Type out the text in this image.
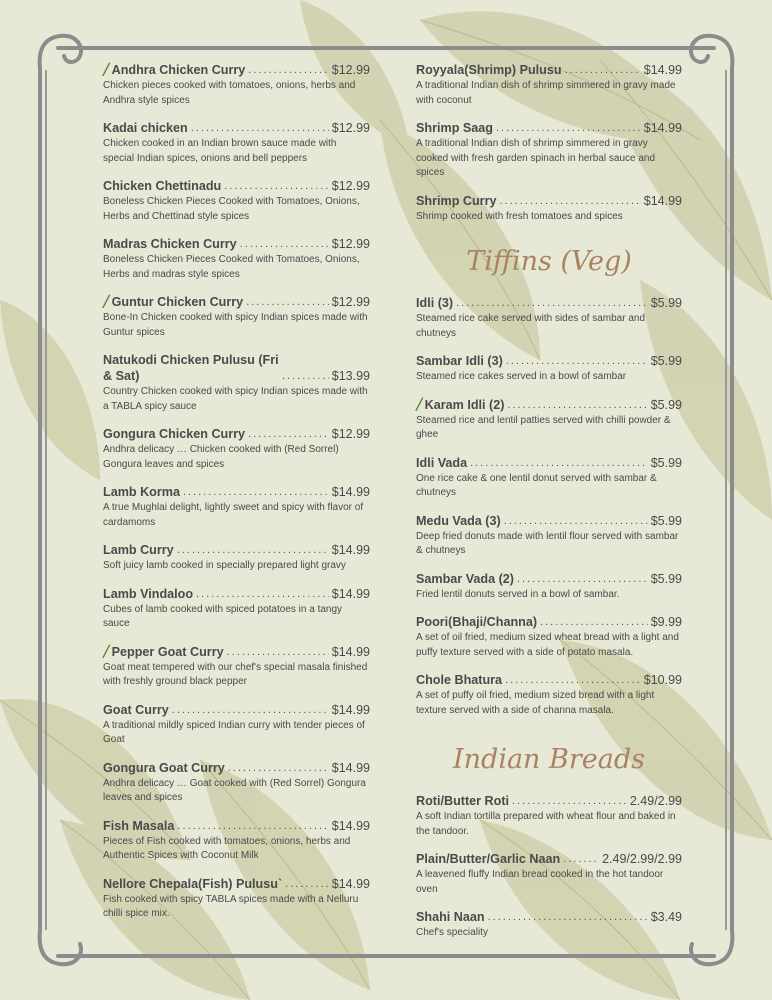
╱ Andhra Chicken Curry .....	$12.99
Chicken pieces cooked with tomatoes, onions, herbs and Andhra style spices
Kadai chicken .....	$12.99
Chicken cooked in an Indian brown sauce made with special Indian spices, onions and bell peppers
Chicken Chettinadu .....	$12.99
Boneless Chicken Pieces Cooked with Tomatoes, Onions, Herbs and Chettinad style spices
Madras Chicken Curry .....	$12.99
Boneless Chicken Pieces Cooked with Tomatoes, Onions, Herbs and madras style spices
╱ Guntur Chicken Curry .....	$12.99
Bone-In Chicken cooked with spicy Indian spices made with Guntur spices
Natukodi Chicken Pulusu (Fri & Sat) .....	$13.99
Country Chicken cooked with spicy Indian spices made with a TABLA spicy sauce
Gongura Chicken Curry .....	$12.99
Andhra delicacy … Chicken cooked with (Red Sorrel) Gongura leaves and spices
Lamb Korma .....	$14.99
A true Mughlai delight, lightly sweet and spicy with flavor of cardamoms
Lamb Curry .....	$14.99
Soft juicy lamb cooked in specially prepared light gravy
Lamb Vindaloo .....	$14.99
Cubes of lamb cooked with spiced potatoes in a tangy sauce
╱ Pepper Goat Curry .....	$14.99
Goat meat tempered with our chef's special masala finished with freshly ground black pepper
Goat Curry .....	$14.99
A traditional mildly spiced Indian curry with tender pieces of Goat
Gongura Goat Curry .....	$14.99
Andhra delicacy … Goat cooked with (Red Sorrel) Gongura leaves and spices
Fish Masala .....	$14.99
Pieces of Fish cooked with tomatoes, onions, herbs and Authentic Spices with Coconut Milk
Nellore Chepala(Fish) Pulusu` .....	$14.99
Fish cooked with spicy TABLA spices made with a Nelluru chilli spice mix.
Royyala(Shrimp) Pulusu .....	$14.99
A traditional Indian dish of shrimp simmered in gravy made with coconut
Shrimp Saag .....	$14.99
A traditional Indian dish of shrimp simmered in gravy cooked with fresh garden spinach in herbal sauce and spices
Shrimp Curry .....	$14.99
Shrimp cooked with fresh tomatoes and spices
Tiffins (Veg)
Idli (3) .....	$5.99
Steamed rice cake served with sides of sambar and chutneys
Sambar Idli (3) .....	$5.99
Steamed rice cakes served in a bowl of sambar
╱ Karam Idli (2) .....	$5.99
Steamed rice and lentil patties served with chilli powder & ghee
Idli Vada .....	$5.99
One rice cake & one lentil donut served with sambar & chutneys
Medu Vada (3) .....	$5.99
Deep fried donuts made with lentil flour served with sambar & chutneys
Sambar Vada (2) .....	$5.99
Fried lentil donuts served in a bowl of sambar.
Poori(Bhaji/Channa) .....	$9.99
A set of oil fried, medium sized wheat bread with a light and puffy texture served with a side of potato masala.
Chole Bhatura .....	$10.99
A set of puffy oil fried, medium sized bread with a light texture served with a side of channa masala.
Indian Breads
Roti/Butter Roti .....	2.49/2.99
A soft Indian tortilla prepared with wheat flour and baked in the tandoor.
Plain/Butter/Garlic Naan .....	2.49/2.99/2.99
A leavened fluffy Indian bread cooked in the hot tandoor oven
Shahi Naan .....	$3.49
Chef's speciality
